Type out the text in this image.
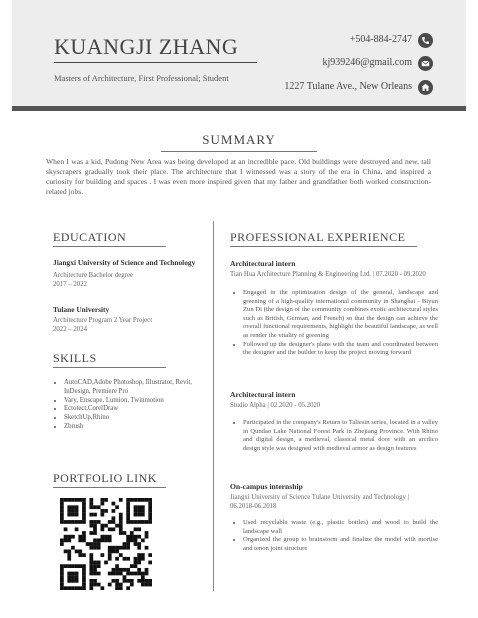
KUANGJI ZHANG
Masters of Architecture, First Professional; Student
+504-884-2747
kj939246@gmail.com
1227 Tulane Ave., New Orleans
SUMMARY
When I was a kid, Pudong New Area was being developed at an incredible pace. Old buildings were destroyed and new, tall skyscrapers gradually took their place. The architecture that I witnessed was a story of the era in China, and inspired a curiosity for building and spaces . I was even more inspired given that my father and grandfather both worked construction-related jobs.
EDUCATION
Jiangxi University of Science and Technology
Architecture Bachelor degree
2017 – 2022
Tulane University
Architecture Program 2 Year Project
2022 – 2024
SKILLS
• AutoCAD,Adobe Photoshop, Illustrator, Revit, InDesign, Premiere Pro
• Vary, Enscape, Lumion, Twinmotion
• Ectotect,CorelDraw
• SketchUp,Rhino
• Zbrush
PORTFOLIO LINK
PROFESSIONAL EXPERIENCE
Architectural intern
Tian Hua Architecture Planning & Engineering Ltd. | 07.2020 - 09.2020
• Engaged in the optimization design of the general, landscape and greening of a high-quality international community in Shanghai - Biyun Zun Di (the design of the community combines exotic architectural styles such as British, German, and French) so that the design can achieve the overall functional requirements, highlight the beautiful landscape, as well as render the vitality of greening
• Followed up the designer's plans with the team and coordinated between the designer and the builder to keep the project moving forward
Architectural intern
Studio Alpha | 02.2020 - 05.2020
• Participated in the company's Return to Taliesin series, located in a valley in Qundao Lake National Forest Park in Zhejiang Province. With Rhino and digital design, a medieval, classical metal door with an arcdico design style was designed with medieval armor as design features
On-campus internship
Jiangxi University of Science Tulane University and Technology | 06.2018-06.2018
• Used recyclable waste (e.g., plastic bottles) and wood to build the landscape wall
• Organized the group to brainstorm and finalize the model with mortise and tenon joint structure
